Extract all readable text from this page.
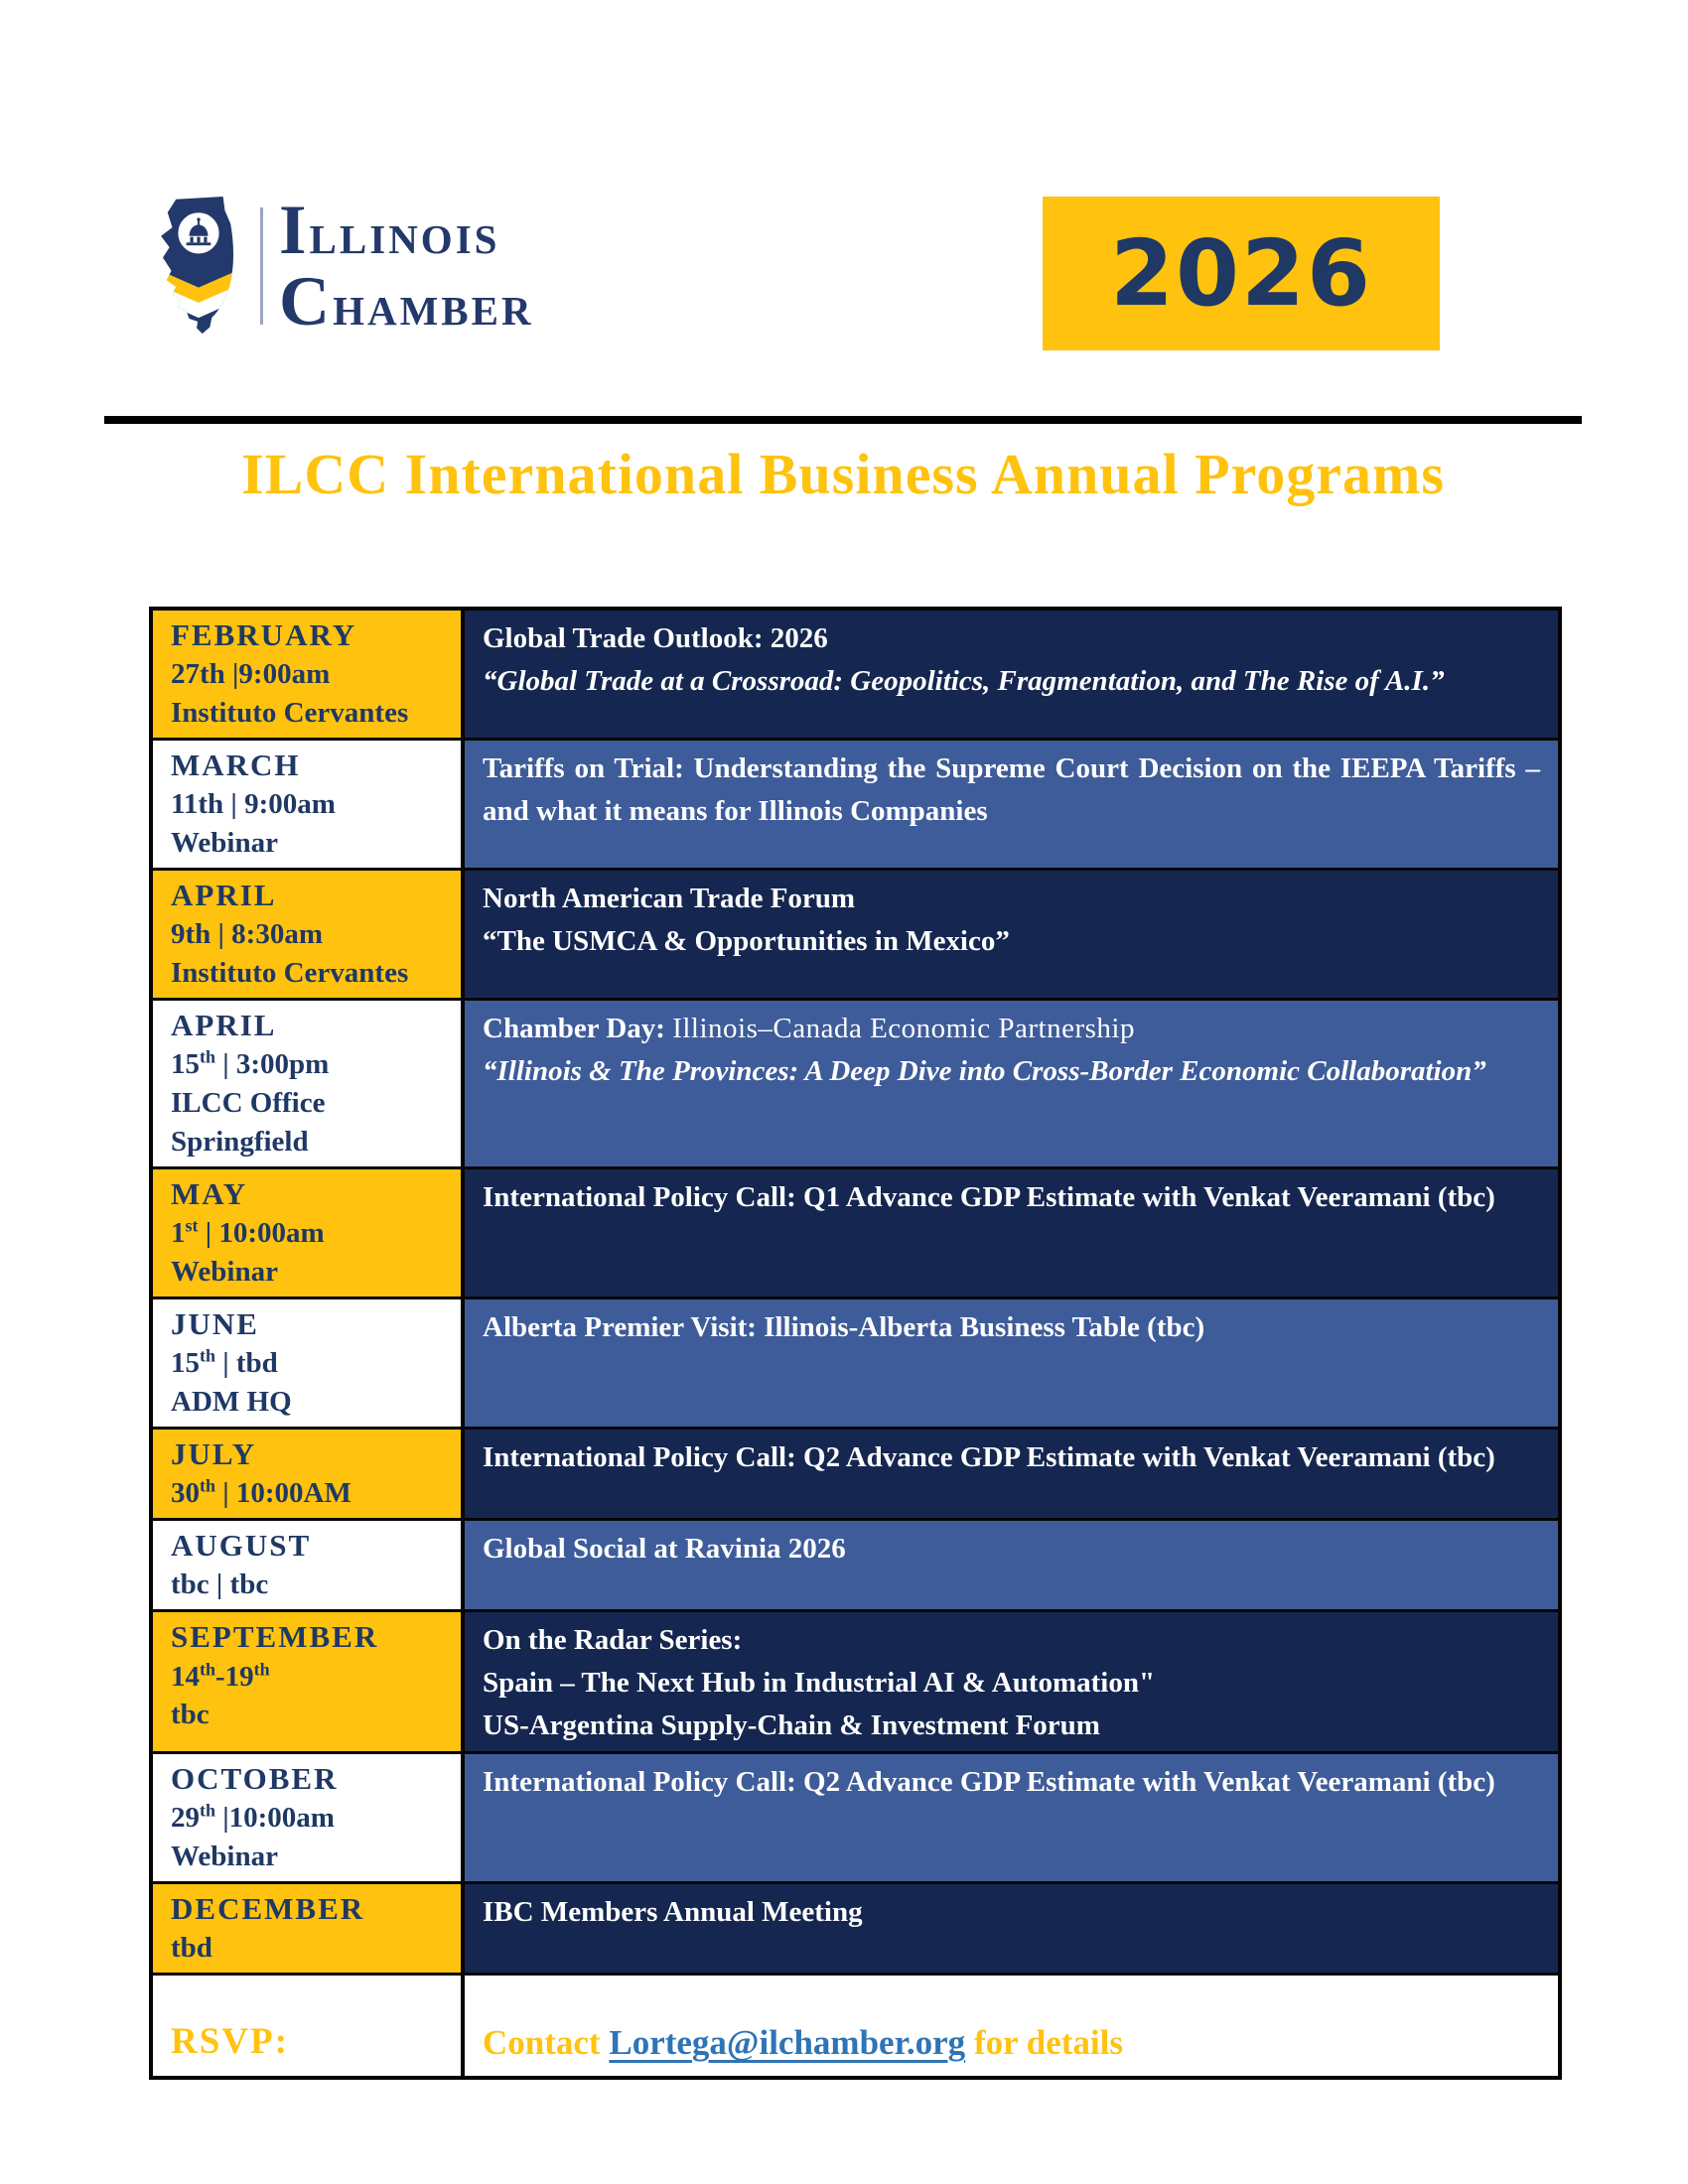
Illinois
Chamber	2026
ILCC International Business Annual Programs
FEBRUARY
27th |9:00am
Instituto Cervantes
Global Trade Outlook: 2026
“Global Trade at a Crossroad: Geopolitics, Fragmentation, and The Rise of A.I.”
MARCH
11th | 9:00am
Webinar
Tariffs on Trial: Understanding the Supreme Court Decision on the IEEPA Tariffs – and what it means for Illinois Companies
APRIL
9th | 8:30am
Instituto Cervantes
North American Trade Forum
“The USMCA & Opportunities in Mexico”
APRIL
15th | 3:00pm
ILCC Office
Springfield
Chamber Day: Illinois–Canada Economic Partnership
“Illinois & The Provinces: A Deep Dive into Cross-Border Economic Collaboration”
MAY
1st | 10:00am
Webinar
International Policy Call: Q1 Advance GDP Estimate with Venkat Veeramani (tbc)
JUNE
15th | tbd
ADM HQ
Alberta Premier Visit: Illinois-Alberta Business Table (tbc)
JULY
30th | 10:00AM
International Policy Call: Q2 Advance GDP Estimate with Venkat Veeramani (tbc)
AUGUST
tbc | tbc
Global Social at Ravinia 2026
SEPTEMBER
14th-19th
tbc
On the Radar Series:
Spain – The Next Hub in Industrial AI & Automation"
US-Argentina Supply-Chain & Investment Forum
OCTOBER
29th |10:00am
Webinar
International Policy Call: Q2 Advance GDP Estimate with Venkat Veeramani (tbc)
DECEMBER
tbd
IBC Members Annual Meeting
RSVP:	Contact Lortega@ilchamber.org for details
